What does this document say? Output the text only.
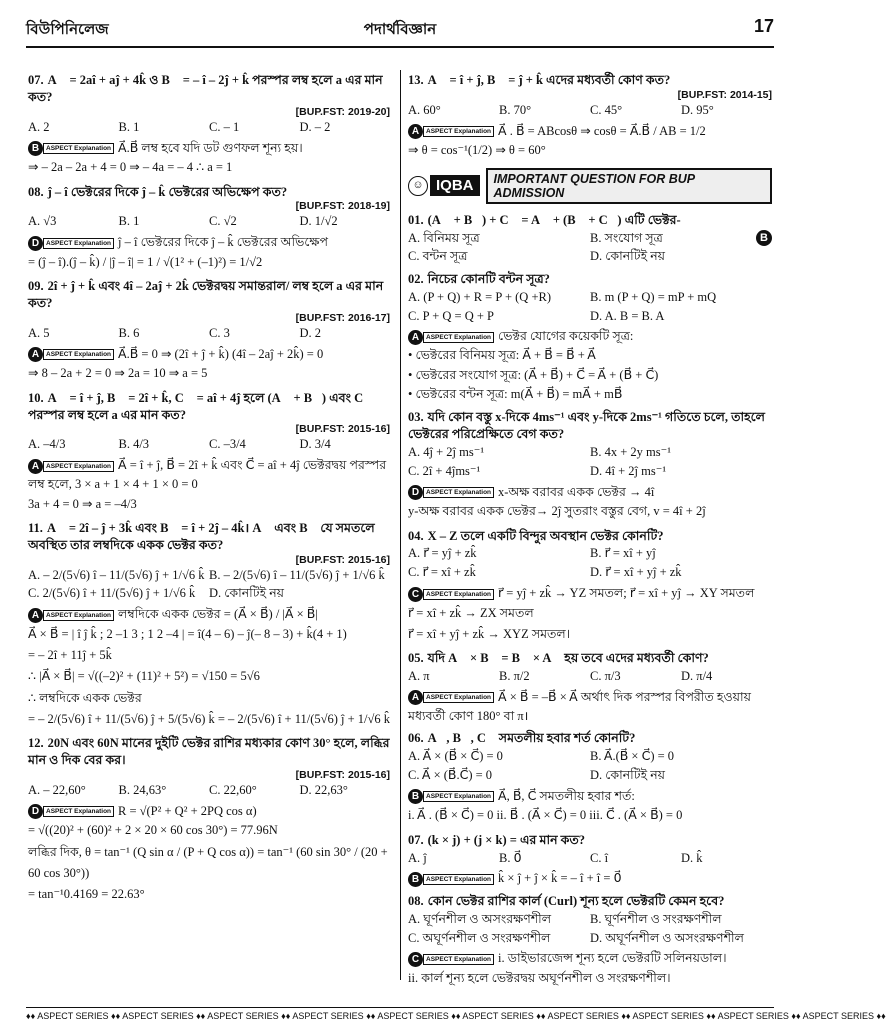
বিউপিনিলেজ	পদার্থবিজ্ঞান	17
07. A⃗ = 2aî + aĵ + 4k̂ ও B⃗ = – î – 2ĵ + k̂ পরস্পর লম্ব হলে a এর মান কত?
[BUP.FST: 2019-20]
A. 2	B. 1	C. – 1	D. – 2
B	ASPECT Explanation A⃗.B⃗ লম্ব হবে যদি ডট গুণফল শূন্য হয়।
⇒ – 2a – 2a + 4 = 0 ⇒ – 4a = – 4 ∴ a = 1
08. ĵ – î ভেক্টরের দিকে ĵ – k̂ ভেক্টরের অভিক্ষেপ কত?
[BUP.FST: 2018-19]
A. √3	B. 1	C. √2	D. 1/√2
D	ASPECT Explanation ĵ – î ভেক্টরের দিকে ĵ – k̂ ভেক্টরের অভিক্ষেপ
= (ĵ – î).(ĵ – k̂) / |ĵ – î| = 1 / √(1² + (–1)²) = 1/√2
09. 2î + ĵ + k̂ এবং 4î – 2aĵ + 2k̂ ভেক্টরদ্বয় সমান্তরাল/ লম্ব হলে a এর মান কত?
[BUP.FST: 2016-17]
A. 5	B. 6	C. 3	D. 2
A	ASPECT Explanation A⃗.B⃗ = 0 ⇒ (2î + ĵ + k̂) (4î – 2aĵ + 2k̂) = 0
⇒ 8 – 2a + 2 = 0 ⇒ 2a = 10 ⇒ a = 5
10. A⃗ = î + ĵ, B⃗ = 2î + k̂, C⃗ = aî + 4ĵ হলে (A⃗ + B⃗) এবং C⃗ পরস্পর লম্ব হলে a এর মান কত?
[BUP.FST: 2015-16]
A. –4/3	B. 4/3	C. –3/4	D. 3/4
A	ASPECT Explanation A⃗ = î + ĵ, B⃗ = 2î + k̂ এবং C⃗ = aî + 4ĵ ভেক্টরদ্বয় পরস্পর লম্ব হলে, 3 × a + 1 × 4 + 1 × 0 = 0
3a + 4 = 0 ⇒ a = –4/3
11. A⃗ = 2î – ĵ + 3k̂ এবং B⃗ = î + 2ĵ – 4k̂। A⃗ এবং B⃗ যে সমতলে অবস্থিত তার লম্বদিকে একক ভেক্টর কত?
[BUP.FST: 2015-16]
A. – 2/(5√6) î – 11/(5√6) ĵ + 1/√6 k̂ B. – 2/(5√6) î – 11/(5√6) ĵ + 1/√6 k̂
C. 2/(5√6) î + 11/(5√6) ĵ + 1/√6 k̂	D. কোনটিই নয়
A	ASPECT Explanation লম্বদিকে একক ভেক্টর = (A⃗ × B⃗) / |A⃗ × B⃗|
A⃗ × B⃗ = | î ĵ k̂ ; 2 –1 3 ; 1 2 –4 | = î(4 – 6) – ĵ(– 8 – 3) + k̂(4 + 1)
= – 2î + 11ĵ + 5k̂
∴ |A⃗ × B⃗| = √((–2)² + (11)² + 5²) = √150 = 5√6
∴ লম্বদিকে একক ভেক্টর
= – 2/(5√6) î + 11/(5√6) ĵ + 5/(5√6) k̂ = – 2/(5√6) î + 11/(5√6) ĵ + 1/√6 k̂
12. 20N এবং 60N মানের দুইটি ভেক্টর রাশির মধ্যকার কোণ 30° হলে, লব্ধির মান ও দিক বের কর।
[BUP.FST: 2015-16]
A. – 22,60°	B. 24,63°	C. 22,60°	D. 22,63°
D	ASPECT Explanation R = √(P² + Q² + 2PQ cos α)
= √((20)² + (60)² + 2 × 20 × 60 cos 30°) = 77.96N
লব্ধির দিক, θ = tan⁻¹ (Q sin α / (P + Q cos α)) = tan⁻¹ (60 sin 30° / (20 + 60 cos 30°))
= tan⁻¹0.4169 = 22.63°
13. A⃗ = î + ĵ, B⃗ = ĵ + k̂ এদের মধ্যবর্তী কোণ কত?
[BUP.FST: 2014-15]
A. 60°	B. 70°	C. 45°	D. 95°
A	ASPECT Explanation A⃗ . B⃗ = ABcosθ ⇒ cosθ = A⃗.B⃗ / AB = 1/2
⇒ θ = cos⁻¹(1/2) ⇒ θ = 60°
☺ IQBA	IMPORTANT QUESTION FOR BUP ADMISSION
01. (A⃗ + B⃗) + C⃗ = A⃗ + (B⃗ + C⃗) এটি ভেক্টর-
A. বিনিময় সূত্র	B. সংযোগ সূত্র
C. বন্টন সূত্র	D. কোনটিই নয়
B
02. নিচের কোনটি বন্টন সূত্র?
A. (P + Q) + R = P + (Q +R)	B. m (P + Q) = mP + mQ
C. P + Q = Q + P	D. A. B = B. A
A	ASPECT Explanation ভেক্টর যোগের কয়েকটি সূত্র:
• ভেক্টরের বিনিময় সূত্র: A⃗ + B⃗ = B⃗ + A⃗
• ভেক্টরের সংযোগ সূত্র: (A⃗ + B⃗) + C⃗ = A⃗ + (B⃗ + C⃗)
• ভেক্টরের বন্টন সূত্র: m(A⃗ + B⃗) = mA⃗ + mB⃗
03. যদি কোন বস্তু x-দিকে 4ms⁻¹ এবং y-দিকে 2ms⁻¹ গতিতে চলে, তাহলে ভেক্টরের পরিপ্রেক্ষিতে বেগ কত?
A. 4ĵ + 2ĵ ms⁻¹	B. 4x + 2y ms⁻¹
C. 2î + 4ĵms⁻¹	D. 4î + 2ĵ ms⁻¹
D	ASPECT Explanation x-অক্ষ বরাবর একক ভেক্টর → 4î
y-অক্ষ বরাবর একক ভেক্টর→ 2ĵ সুতরাং বস্তুর বেগ, v = 4î + 2ĵ
04. X – Z তলে একটি বিন্দুর অবস্থান ভেক্টর কোনটি?
A. r⃗ = yĵ + zk̂	B. r⃗ = xî + yĵ
C. r⃗ = xî + zk̂	D. r⃗ = xî + yĵ + zk̂
C	ASPECT Explanation r⃗ = yĵ + zk̂ → YZ সমতল; r⃗ = xî + yĵ → XY সমতল
r⃗ = xî + zk̂ → ZX সমতল
r⃗ = xî + yĵ + zk̂ → XYZ সমতল।
05. যদি A⃗ × B⃗ = B⃗ × A⃗ হয় তবে এদের মধ্যবর্তী কোণ?
A. π	B. π/2	C. π/3	D. π/4
A	ASPECT Explanation A⃗ × B⃗ = –B⃗ × A⃗ অর্থাৎ দিক পরস্পর বিপরীত হওয়ায় মধ্যবর্তী কোণ 180° বা π।
06. A⃗, B⃗, C⃗ সমতলীয় হবার শর্ত কোনটি?
A. A⃗ × (B⃗ × C⃗) = 0	B. A⃗.(B⃗ × C⃗) = 0
C. A⃗ × (B⃗.C⃗) = 0	D. কোনটিই নয়
B	ASPECT Explanation A⃗, B⃗, C⃗ সমতলীয় হবার শর্ত:
i. A⃗ . (B⃗ × C⃗) = 0 ii. B⃗ . (A⃗ × C⃗) = 0 iii. C⃗ . (A⃗ × B⃗) = 0
07. (k × j) + (j × k) = এর মান কত?
A. ĵ	B. 0⃗	C. î	D. k̂
B	ASPECT Explanation k̂ × ĵ + ĵ × k̂ = – î + î = 0⃗
08. কোন ভেক্টর রাশির কার্ল (Curl) শূন্য হলে ভেক্টরটি কেমন হবে?
A. ঘূর্ণনশীল ও অসংরক্ষণশীল	B. ঘূর্ণনশীল ও সংরক্ষণশীল
C. অঘূর্ণনশীল ও সংরক্ষণশীল	D. অঘূর্ণনশীল ও অসংরক্ষণশীল
C	ASPECT Explanation i. ডাইভারজেন্স শূন্য হলে ভেক্টরটি সলিনয়ডাল।
ii. কার্ল শূন্য হলে ভেক্টরদ্বয় অঘূর্ণনশীল ও সংরক্ষণশীল।
♦♦ ASPECT SERIES ♦♦ ASPECT SERIES ♦♦ ASPECT SERIES ♦♦ ASPECT SERIES ♦♦ ASPECT SERIES ♦♦ ASPECT SERIES ♦♦ ASPECT SERIES ♦♦ ASPECT SERIES ♦♦ ASPECT SERIES ♦♦ ASPECT SERIES ♦♦
